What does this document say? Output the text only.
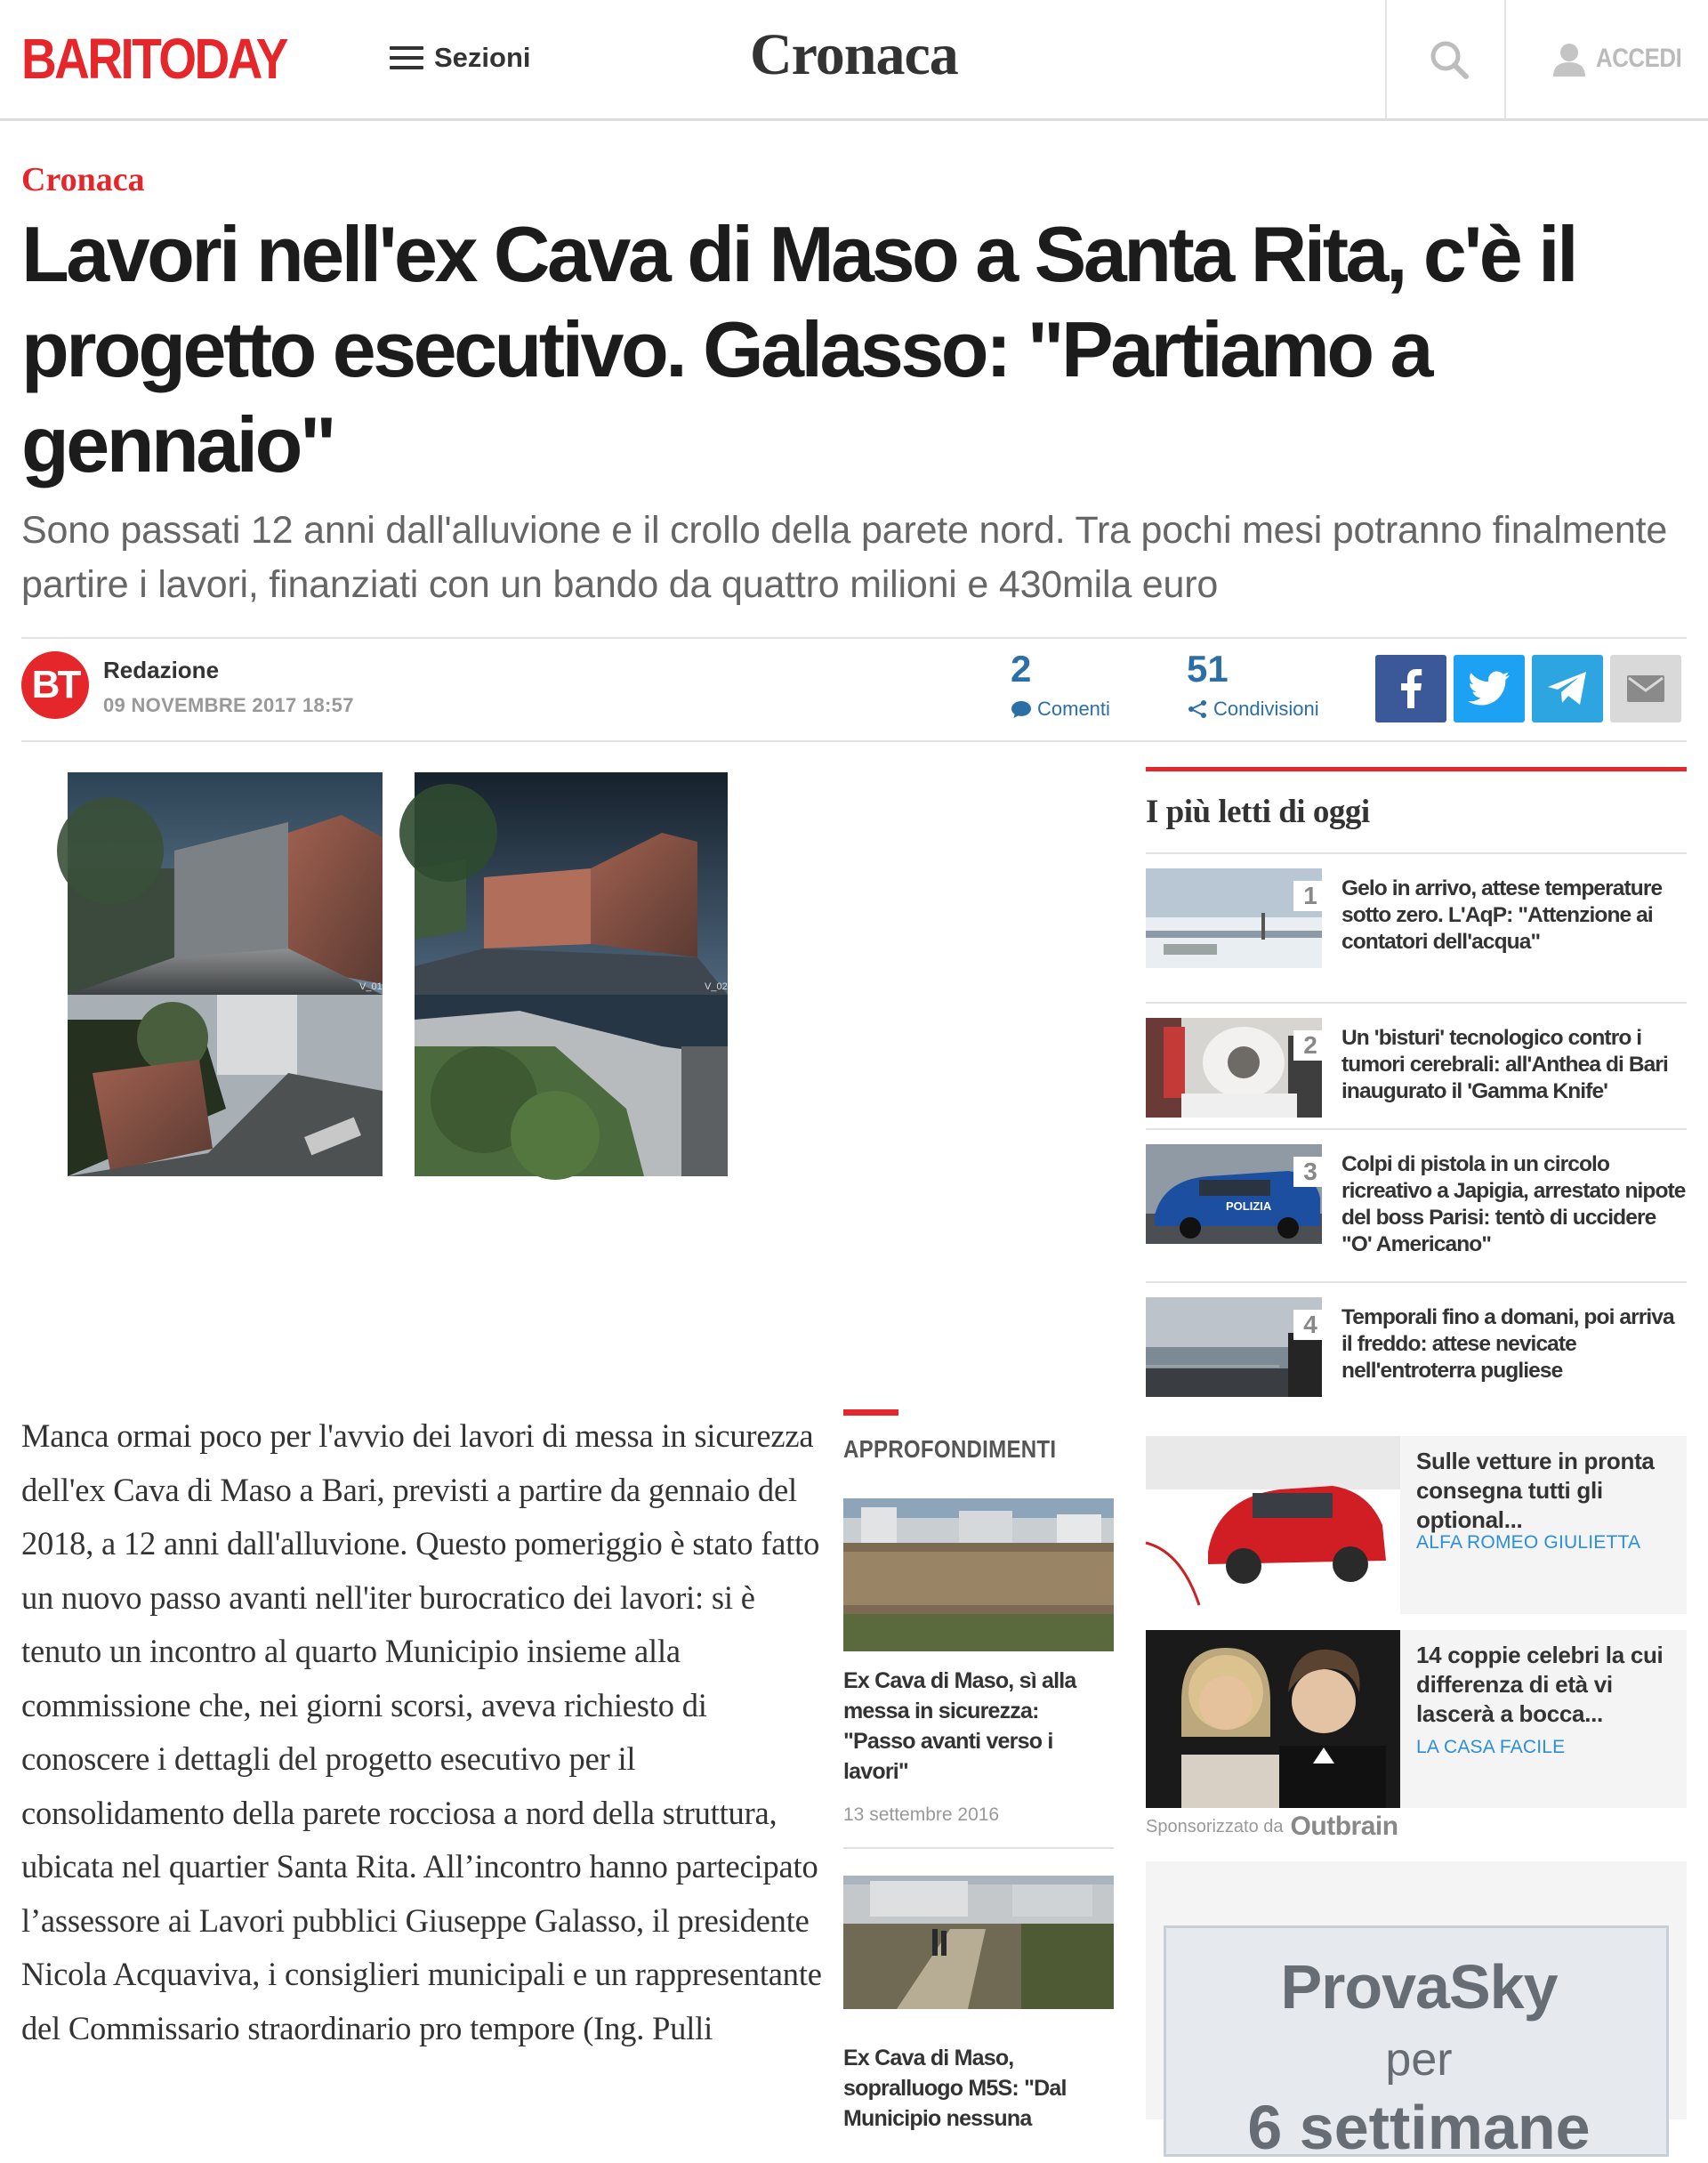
BARITODAY	Sezioni	Cronaca	ACCEDI
Cronaca
Lavori nell'ex Cava di Maso a Santa Rita, c'è il progetto esecutivo. Galasso: "Partiamo a gennaio"

Sono passati 12 anni dall'alluvione e il crollo della parete nord. Tra pochi mesi potranno finalmente partire i lavori, finanziati con un bando da quattro milioni e 430mila euro

BT	Redazione
09 NOVEMBRE 2017 18:57
2
Comenti
51
Condivisioni
V_01	V_02
Manca ormai poco per l'avvio dei lavori di messa in sicurezza dell'ex Cava di Maso a Bari, previsti a partire da gennaio del 2018, a 12 anni dall'alluvione. Questo pomeriggio è stato fatto un nuovo passo avanti nell'iter burocratico dei lavori: si è tenuto un incontro al quarto Municipio insieme alla commissione che, nei giorni scorsi, aveva richiesto di conoscere i dettagli del progetto esecutivo per il consolidamento della parete rocciosa a nord della struttura, ubicata nel quartier Santa Rita. All’incontro hanno partecipato l’assessore ai Lavori pubblici Giuseppe Galasso, il presidente Nicola Acquaviva, i consiglieri municipali e un rappresentante del Commissario straordinario pro tempore (Ing. Pulli
APPROFONDIMENTI
Ex Cava di Maso, sì alla messa in sicurezza: "Passo avanti verso i lavori"
13 settembre 2016
Ex Cava di Maso, sopralluogo M5S: "Dal Municipio nessuna
I più letti di oggi
1	Gelo in arrivo, attese temperature sotto zero. L'AqP: "Attenzione ai contatori dell'acqua"
2	Un 'bisturi' tecnologico contro i tumori cerebrali: all'Anthea di Bari inaugurato il 'Gamma Knife'
POLIZIA
3	Colpi di pistola in un circolo ricreativo a Japigia, arrestato nipote del boss Parisi: tentò di uccidere "O' Americano"
4	Temporali fino a domani, poi arriva il freddo: attese nevicate nell'entroterra pugliese
Sulle vetture in pronta consegna tutti gli optional...
ALFA ROMEO GIULIETTA
14 coppie celebri la cui differenza di età vi lascerà a bocca...
LA CASA FACILE
Sponsorizzato da Outbrain
ProvaSky
per
6 settimane
